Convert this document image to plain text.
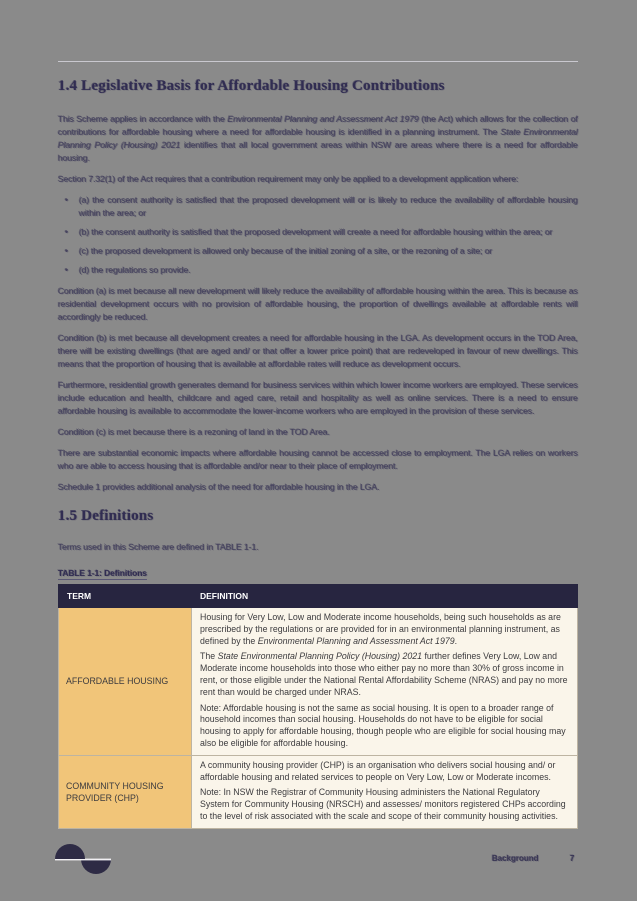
1.4 Legislative Basis for Affordable Housing Contributions

This Scheme applies in accordance with the Environmental Planning and Assessment Act 1979 (the Act) which allows for the collection of contributions for affordable housing where a need for affordable housing is identified in a planning instrument. The State Environmental Planning Policy (Housing) 2021 identifies that all local government areas within NSW are areas where there is a need for affordable housing.

Section 7.32(1) of the Act requires that a contribution requirement may only be applied to a development application where:

• (a) the consent authority is satisfied that the proposed development will or is likely to reduce the availability of affordable housing within the area; or
• (b) the consent authority is satisfied that the proposed development will create a need for affordable housing within the area; or
• (c) the proposed development is allowed only because of the initial zoning of a site, or the rezoning of a site; or
• (d) the regulations so provide.

Condition (a) is met because all new development will likely reduce the availability of affordable housing within the area. This is because as residential development occurs with no provision of affordable housing, the proportion of dwellings available at affordable rents will accordingly be reduced.

Condition (b) is met because all development creates a need for affordable housing in the LGA. As development occurs in the TOD Area, there will be existing dwellings (that are aged and/ or that offer a lower price point) that are redeveloped in favour of new dwellings. This means that the proportion of housing that is available at affordable rates will reduce as development occurs.

Furthermore, residential growth generates demand for business services within which lower income workers are employed. These services include education and health, childcare and aged care, retail and hospitality as well as online services. There is a need to ensure affordable housing is available to accommodate the lower-income workers who are employed in the provision of these services.

Condition (c) is met because there is a rezoning of land in the TOD Area.

There are substantial economic impacts where affordable housing cannot be accessed close to employment. The LGA relies on workers who are able to access housing that is affordable and/or near to their place of employment.

Schedule 1 provides additional analysis of the need for affordable housing in the LGA.

1.5 Definitions

Terms used in this Scheme are defined in TABLE 1-1.

TABLE 1-1: Definitions
TERM	DEFINITION
AFFORDABLE HOUSING	Housing for Very Low, Low and Moderate income households, being such households as are prescribed by the regulations or are provided for in an environmental planning instrument, as defined by the Environmental Planning and Assessment Act 1979.

The State Environmental Planning Policy (Housing) 2021 further defines Very Low, Low and Moderate income households into those who either pay no more than 30% of gross income in rent, or those eligible under the National Rental Affordability Scheme (NRAS) and pay no more rent than would be charged under NRAS.

Note: Affordable housing is not the same as social housing. It is open to a broader range of household incomes than social housing. Households do not have to be eligible for social housing to apply for affordable housing, though people who are eligible for social housing may also be eligible for affordable housing.

COMMUNITY HOUSING PROVIDER (CHP)	A community housing provider (CHP) is an organisation who delivers social housing and/ or affordable housing and related services to people on Very Low, Low or Moderate incomes.

Note: In NSW the Registrar of Community Housing administers the National Regulatory System for Community Housing (NRSCH) and assesses/ monitors registered CHPs according to the level of risk associated with the scale and scope of their community housing activities.

Background	7
